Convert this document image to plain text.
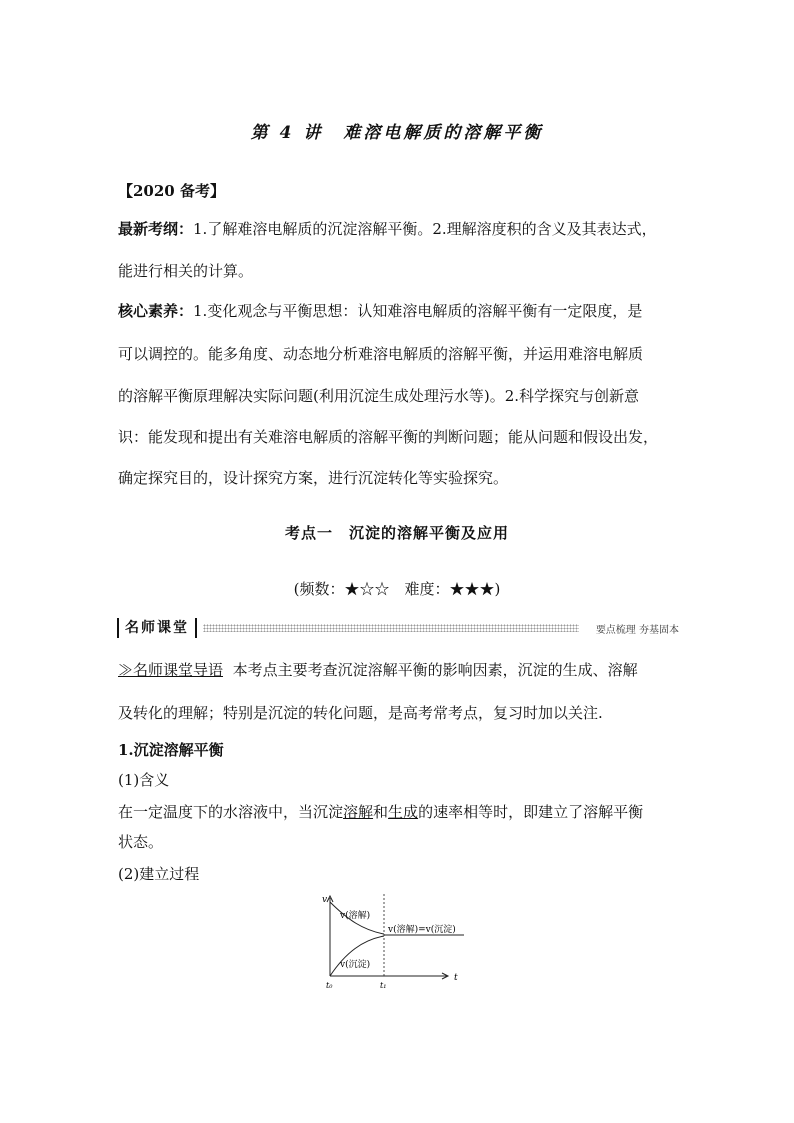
第 4 讲　难溶电解质的溶解平衡
【2020 备考】
最新考纲：1.了解难溶电解质的沉淀溶解平衡。2.理解溶度积的含义及其表达式，
能进行相关的计算。
核心素养：1.变化观念与平衡思想：认知难溶电解质的溶解平衡有一定限度，是
可以调控的。能多角度、动态地分析难溶电解质的溶解平衡，并运用难溶电解质
的溶解平衡原理解决实际问题(利用沉淀生成处理污水等)。2.科学探究与创新意
识：能发现和提出有关难溶电解质的溶解平衡的判断问题；能从问题和假设出发，
确定探究目的，设计探究方案，进行沉淀转化等实验探究。
考点一　沉淀的溶解平衡及应用
(频数：★☆☆　难度：★★★)
名师课堂	要点梳理 夯基固本
≫名师课堂导语 本考点主要考查沉淀溶解平衡的影响因素，沉淀的生成、溶解
及转化的理解；特别是沉淀的转化问题，是高考常考点，复习时加以关注.
1.沉淀溶解平衡
(1)含义
在一定温度下的水溶液中，当沉淀溶解和生成的速率相等时，即建立了溶解平衡
状态。
(2)建立过程
v
t
t₀	t₁
v(溶解)
v(沉淀)
v(溶解)=v(沉淀)
